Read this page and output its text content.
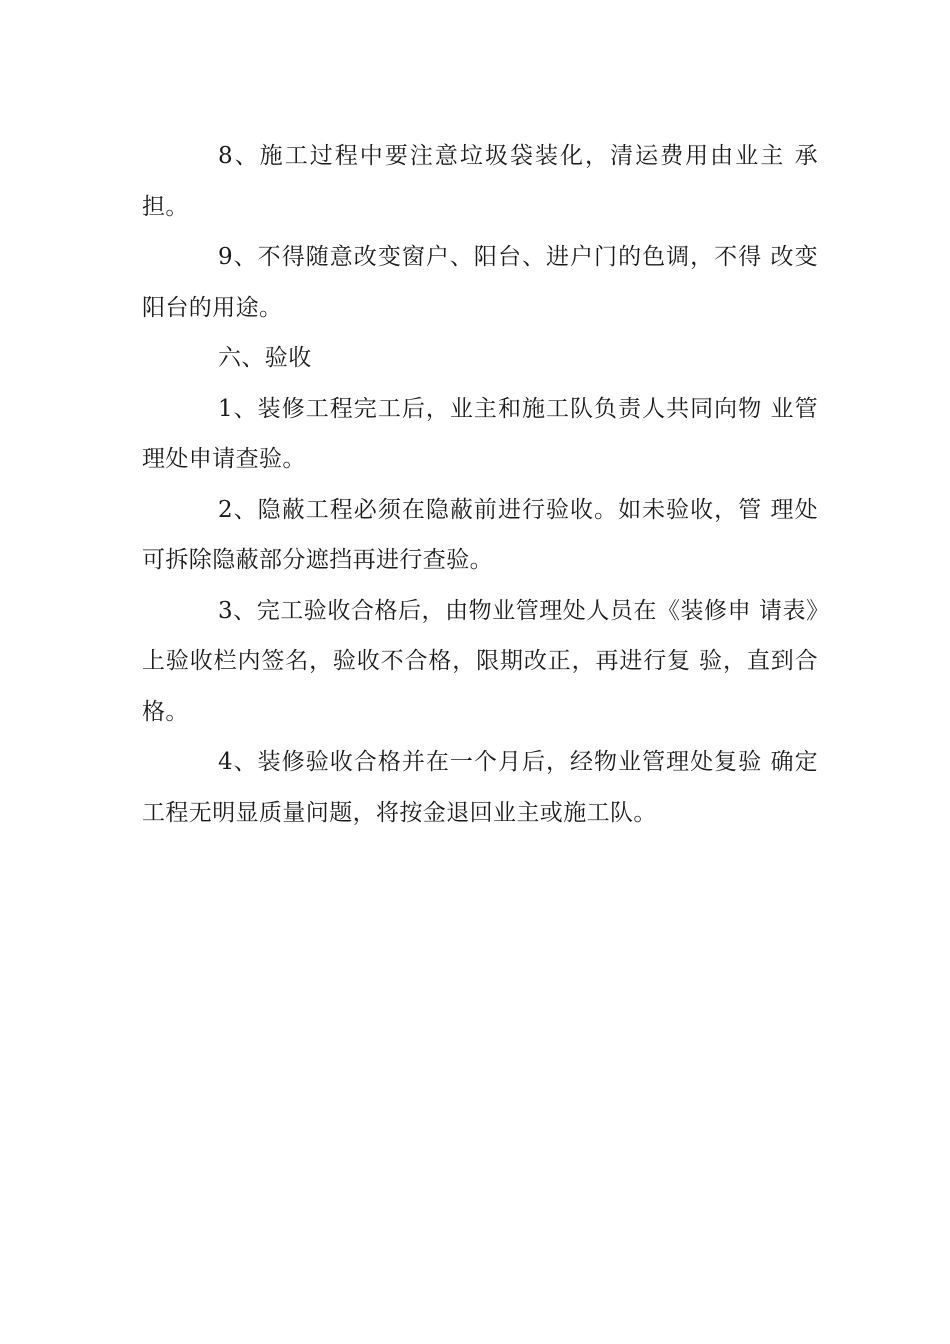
8、施工过程中要注意垃圾袋装化，清运费用由业主 承担。

9、不得随意改变窗户、阳台、进户门的色调，不得 改变阳台的用途。

六、验收

1、装修工程完工后，业主和施工队负责人共同向物 业管理处申请查验。

2、隐蔽工程必须在隐蔽前进行验收。如未验收，管 理处可拆除隐蔽部分遮挡再进行查验。

3、完工验收合格后，由物业管理处人员在《装修申 请表》上验收栏内签名，验收不合格，限期改正，再进行复 验，直到合格。

4、装修验收合格并在一个月后，经物业管理处复验 确定工程无明显质量问题，将按金退回业主或施工队。
